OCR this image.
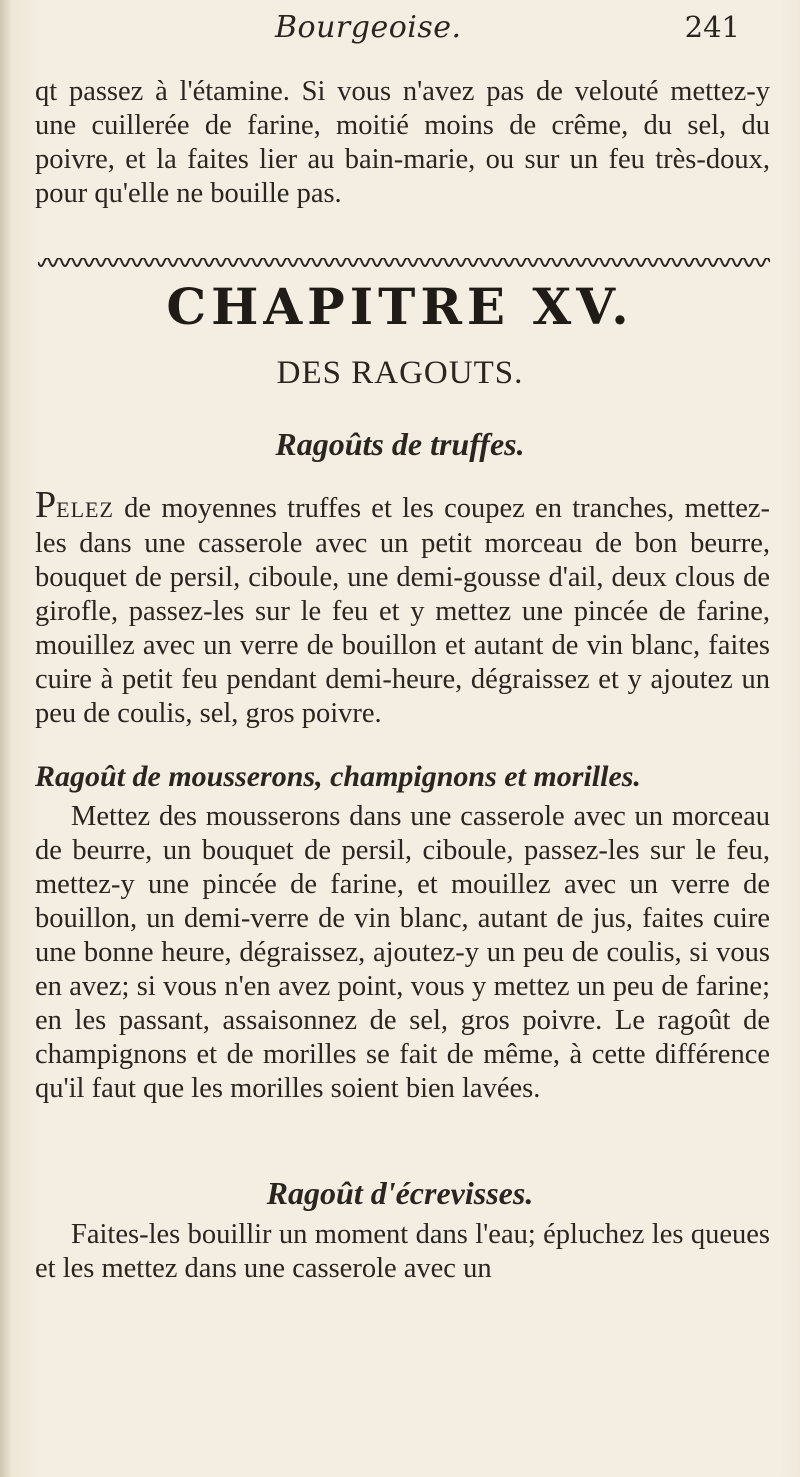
Bourgeoise.	241
qt passez à l'étamine. Si vous n'avez pas de velouté mettez-y une cuillerée de farine, moitié moins de crême, du sel, du poivre, et la faites lier au bain-marie, ou sur un feu très-doux, pour qu'elle ne bouille pas.
CHAPITRE XV.
DES RAGOUTS.
Ragoûts de truffes.
PELEZ de moyennes truffes et les coupez en tranches, mettez-les dans une casserole avec un petit morceau de bon beurre, bouquet de persil, ciboule, une demi-gousse d'ail, deux clous de girofle, passez-les sur le feu et y mettez une pincée de farine, mouillez avec un verre de bouillon et autant de vin blanc, faites cuire à petit feu pendant demi-heure, dégraissez et y ajoutez un peu de coulis, sel, gros poivre.
Ragoût de mousserons, champignons et morilles.
Mettez des mousserons dans une casserole avec un morceau de beurre, un bouquet de persil, ciboule, passez-les sur le feu, mettez-y une pincée de farine, et mouillez avec un verre de bouillon, un demi-verre de vin blanc, autant de jus, faites cuire une bonne heure, dégraissez, ajoutez-y un peu de coulis, si vous en avez; si vous n'en avez point, vous y mettez un peu de farine; en les passant, assaisonnez de sel, gros poivre. Le ragoût de champignons et de morilles se fait de même, à cette différence qu'il faut que les morilles soient bien lavées.
Ragoût d'écrevisses.
Faites-les bouillir un moment dans l'eau; épluchez les queues et les mettez dans une casserole avec un
